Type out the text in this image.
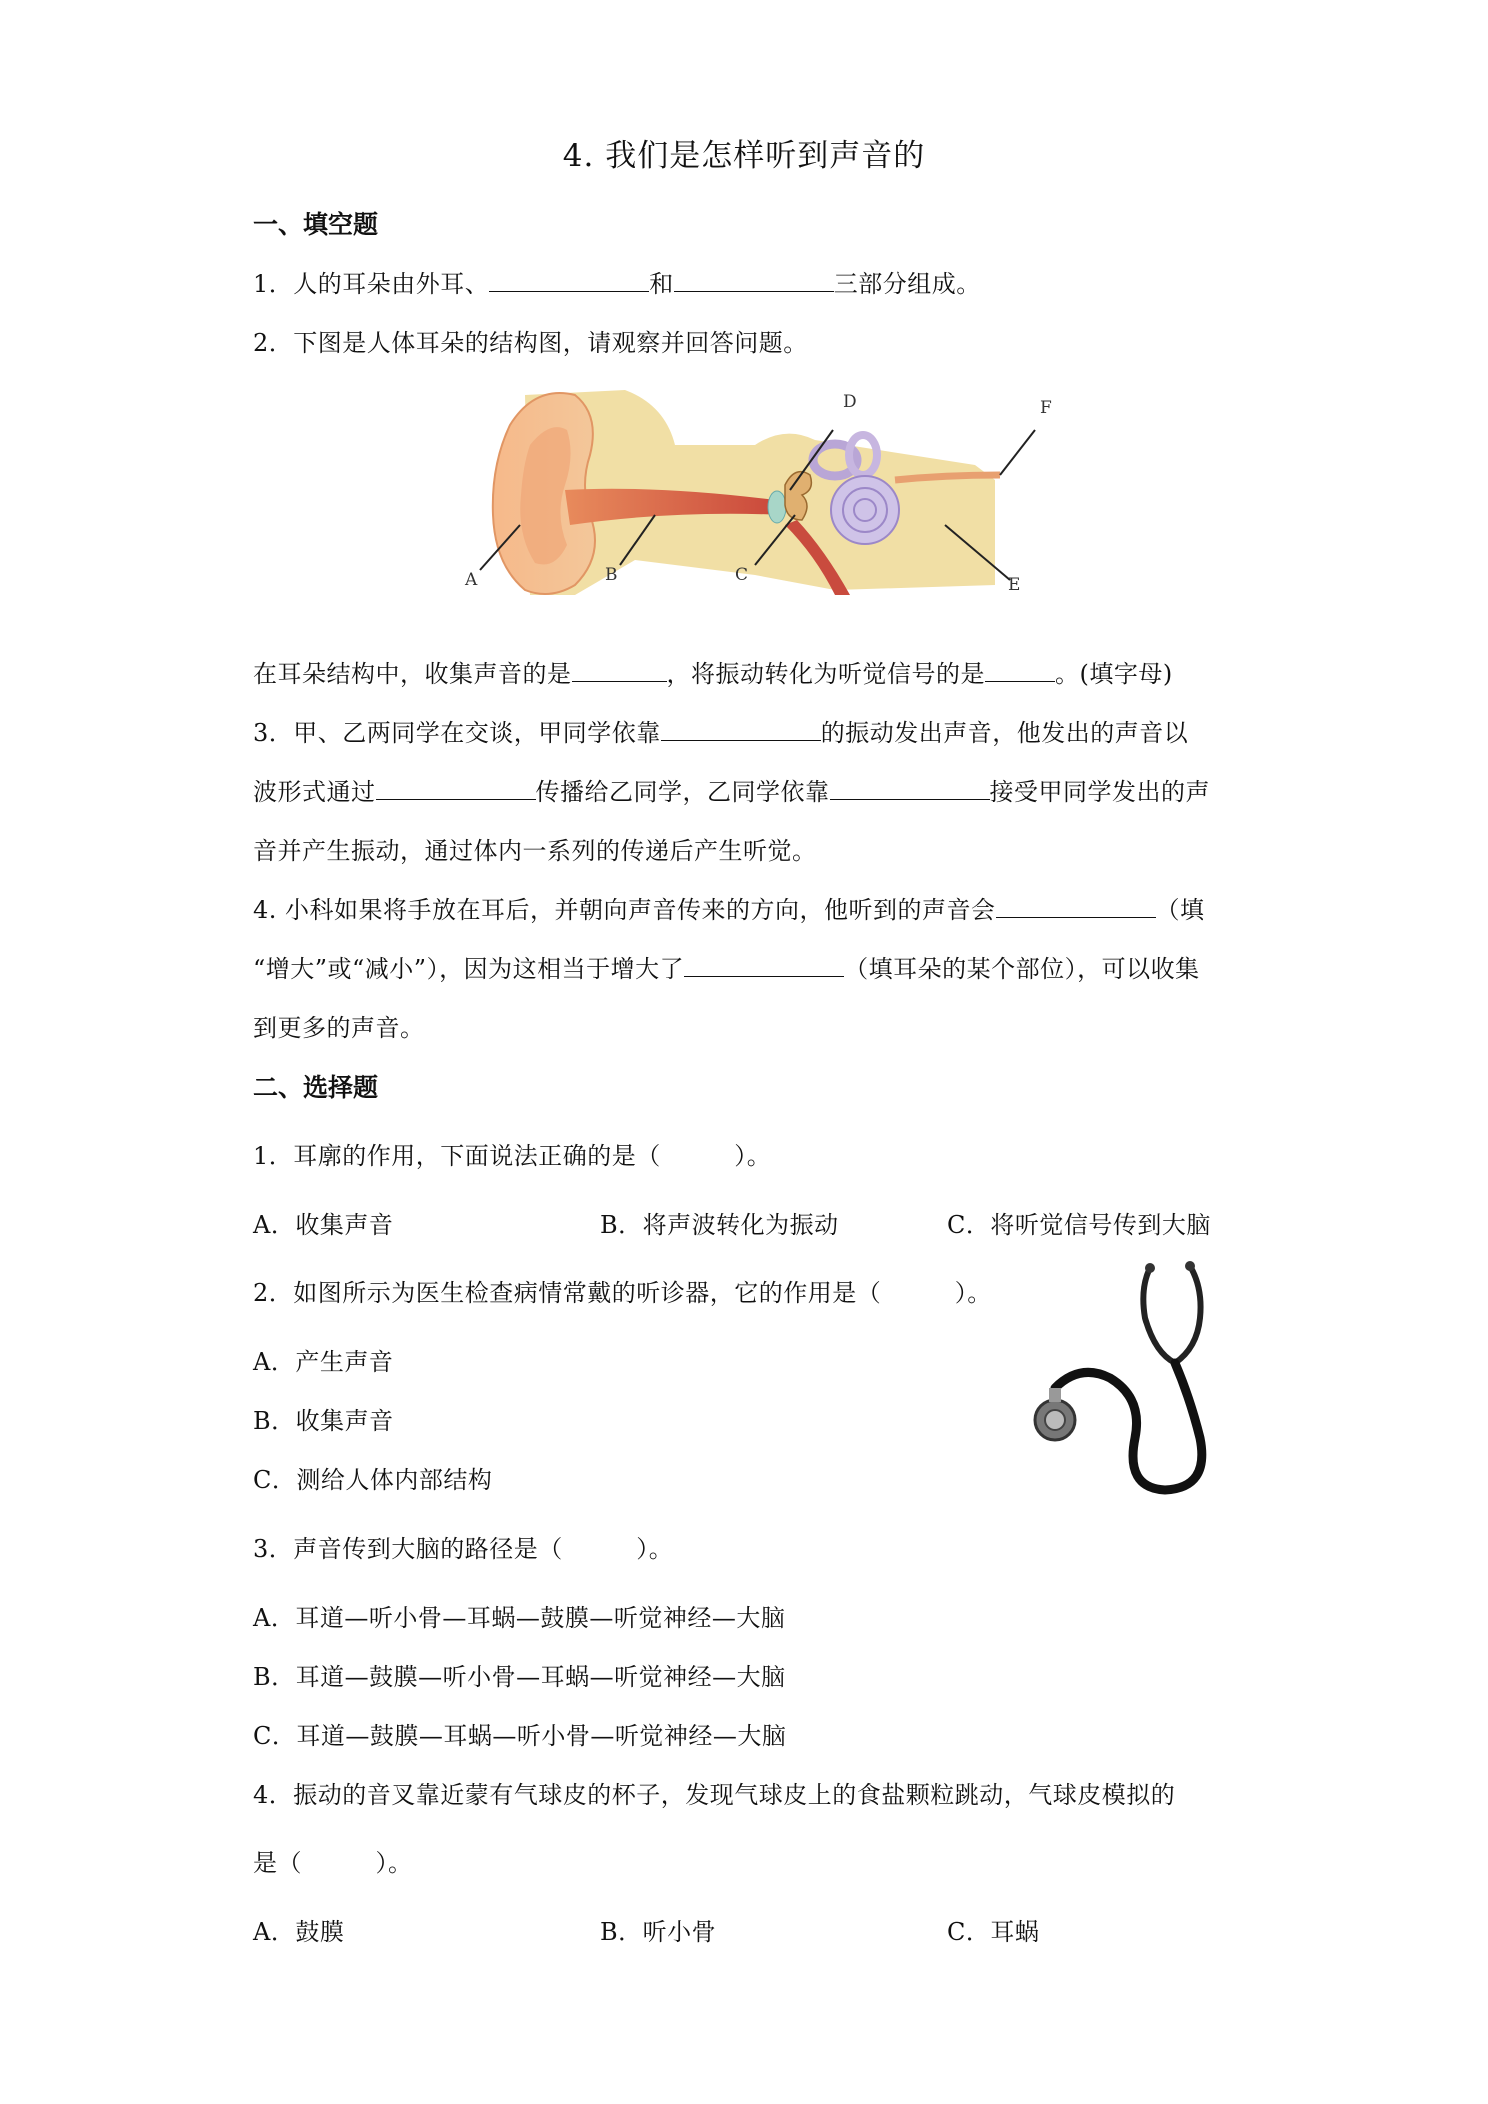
4. 我们是怎样听到声音的
一、填空题
1．人的耳朵由外耳、	和	三部分组成。
2．下图是人体耳朵的结构图，请观察并回答问题。
A	B	C
D
E
F
在耳朵结构中，收集声音的是	，将振动转化为听觉信号的是	。(填字母)
3．甲、乙两同学在交谈，甲同学依靠	的振动发出声音，他发出的声音以
波形式通过	传播给乙同学，乙同学依靠	接受甲同学发出的声
音并产生振动，通过体内一系列的传递后产生听觉。
4. 小科如果将手放在耳后，并朝向声音传来的方向，他听到的声音会	（填
“增大”或“减小”），因为这相当于增大了	（填耳朵的某个部位），可以收集
到更多的声音。
二、选择题
1．耳廓的作用，下面说法正确的是（　　　）。
A．收集声音	B．将声波转化为振动	C．将听觉信号传到大脑
2．如图所示为医生检查病情常戴的听诊器，它的作用是（　　　）。
A．产生声音
B．收集声音
C．测给人体内部结构
3．声音传到大脑的路径是（　　　）。
A．耳道—听小骨—耳蜗—鼓膜—听觉神经—大脑
B．耳道—鼓膜—听小骨—耳蜗—听觉神经—大脑
C．耳道—鼓膜—耳蜗—听小骨—听觉神经—大脑
4．振动的音叉靠近蒙有气球皮的杯子，发现气球皮上的食盐颗粒跳动，气球皮模拟的
是（　　　）。
A．鼓膜	B．听小骨	C．耳蜗
